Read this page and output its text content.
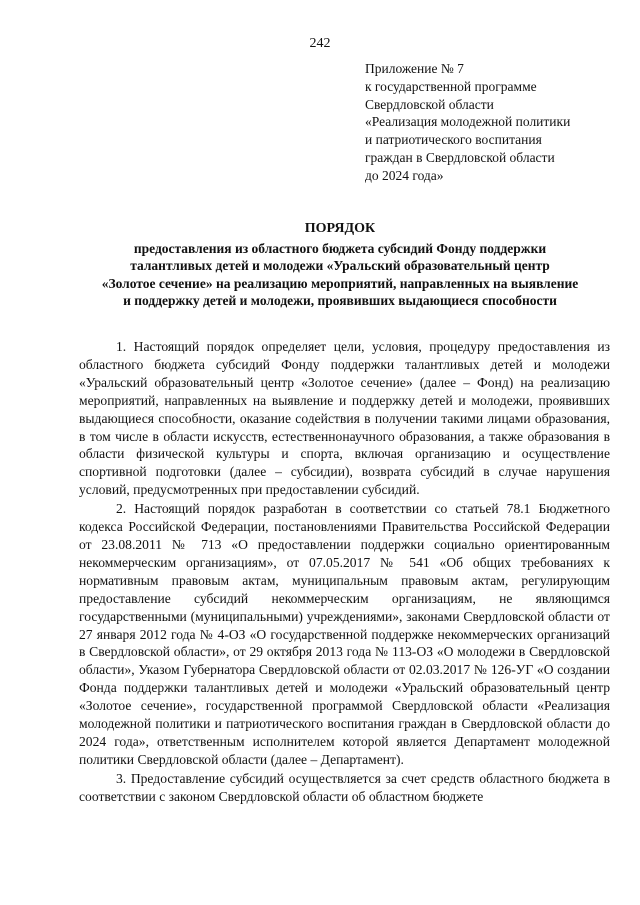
242
Приложение № 7
к государственной программе
Свердловской области
«Реализация молодежной политики
и патриотического воспитания
граждан в Свердловской области
до 2024 года»
ПОРЯДОК
предоставления из областного бюджета субсидий Фонду поддержки
талантливых детей и молодежи «Уральский образовательный центр
«Золотое сечение» на реализацию мероприятий, направленных на выявление
и поддержку детей и молодежи, проявивших выдающиеся способности

1. Настоящий порядок определяет цели, условия, процедуру предоставления из областного бюджета субсидий Фонду поддержки талантливых детей и молодежи «Уральский образовательный центр «Золотое сечение» (далее – Фонд) на реализацию мероприятий, направленных на выявление и поддержку детей и молодежи, проявивших выдающиеся способности, оказание содействия в получении такими лицами образования, в том числе в области искусств, естественнонаучного образования, а также образования в области физической культуры и спорта, включая организацию и осуществление спортивной подготовки (далее – субсидии), возврата субсидий в случае нарушения условий, предусмотренных при предоставлении субсидий.

2. Настоящий порядок разработан в соответствии со статьей 78.1 Бюджетного кодекса Российской Федерации, постановлениями Правительства Российской Федерации от 23.08.2011 № 713 «О предоставлении поддержки социально ориентированным некоммерческим организациям», от 07.05.2017 № 541 «Об общих требованиях к нормативным правовым актам, муниципальным правовым актам, регулирующим предоставление субсидий некоммерческим организациям, не являющимся государственными (муниципальными) учреждениями», законами Свердловской области от 27 января 2012 года № 4-ОЗ «О государственной поддержке некоммерческих организаций в Свердловской области», от 29 октября 2013 года № 113-ОЗ «О молодежи в Свердловской области», Указом Губернатора Свердловской области от 02.03.2017 № 126-УГ «О создании Фонда поддержки талантливых детей и молодежи «Уральский образовательный центр «Золотое сечение», государственной программой Свердловской области «Реализация молодежной политики и патриотического воспитания граждан в Свердловской области до 2024 года», ответственным исполнителем которой является Департамент молодежной политики Свердловской области (далее – Департамент).

3. Предоставление субсидий осуществляется за счет средств областного бюджета в соответствии с законом Свердловской области об областном бюджете
